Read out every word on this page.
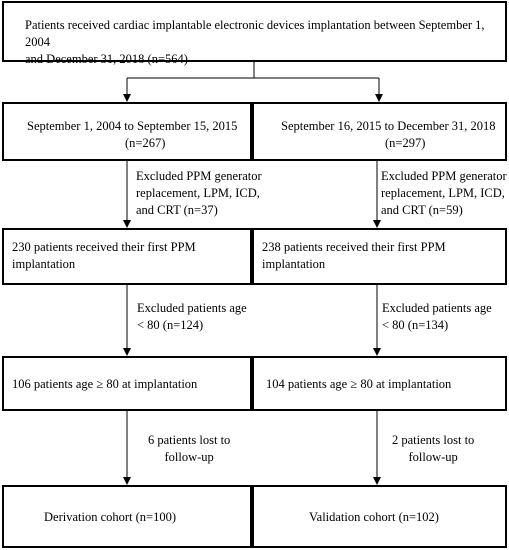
Patients received cardiac implantable electronic devices implantation between September 1, 2004
and December 31, 2018 (n=564)
September 1, 2004 to September 15, 2015
(n=267)
September 16, 2015 to December 31, 2018
(n=297)
Excluded PPM generator
replacement, LPM, ICD,
and CRT (n=37)
Excluded PPM generator
replacement, LPM, ICD,
and CRT (n=59)
230 patients received their first PPM
implantation
238 patients received their first PPM
implantation
Excluded patients age
< 80 (n=124)
Excluded patients age
< 80 (n=134)
106 patients age ≥ 80 at implantation	104 patients age ≥ 80 at implantation
6 patients lost to
follow-up
2 patients lost to
follow-up
Derivation cohort (n=100)	Validation cohort (n=102)
